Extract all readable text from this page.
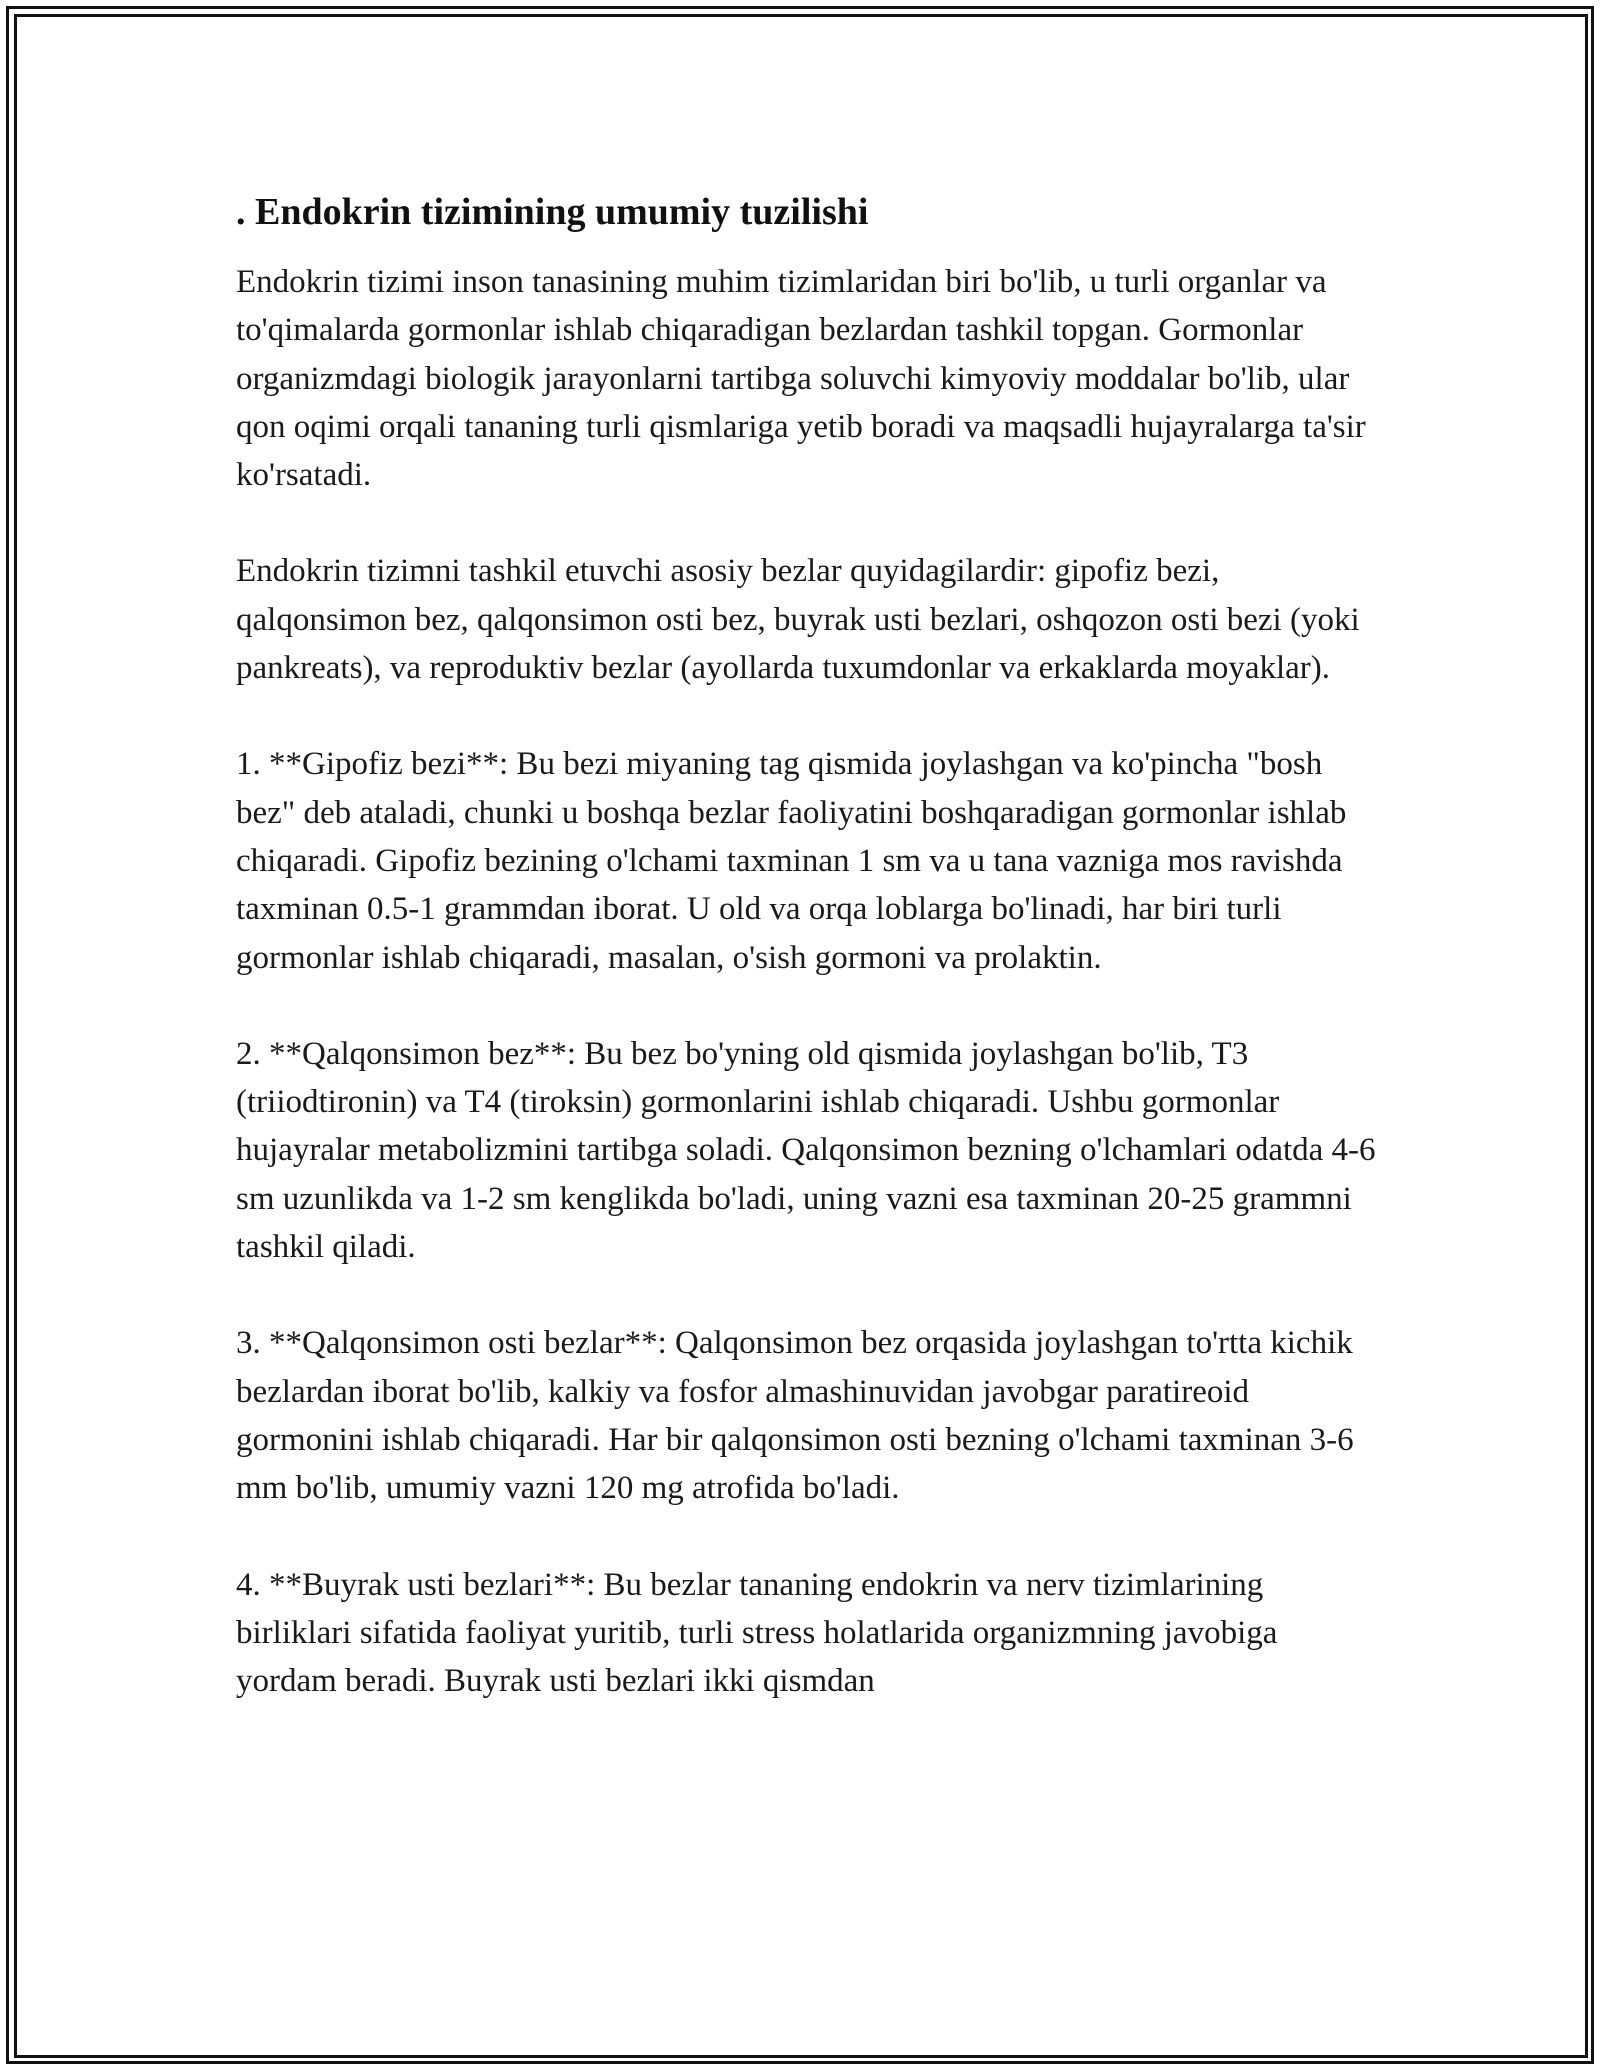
. Endokrin tizimining umumiy tuzilishi

Endokrin tizimi inson tanasining muhim tizimlaridan biri bo'lib, u turli organlar va to'qimalarda gormonlar ishlab chiqaradigan bezlardan tashkil topgan. Gormonlar organizmdagi biologik jarayonlarni tartibga soluvchi kimyoviy moddalar bo'lib, ular qon oqimi orqali tananing turli qismlariga yetib boradi va maqsadli hujayralarga ta'sir ko'rsatadi.

Endokrin tizimni tashkil etuvchi asosiy bezlar quyidagilardir: gipofiz bezi, qalqonsimon bez, qalqonsimon osti bez, buyrak usti bezlari, oshqozon osti bezi (yoki pankreats), va reproduktiv bezlar (ayollarda tuxumdonlar va erkaklarda moyaklar).

1. **Gipofiz bezi**: Bu bezi miyaning tag qismida joylashgan va ko'pincha "bosh bez" deb ataladi, chunki u boshqa bezlar faoliyatini boshqaradigan gormonlar ishlab chiqaradi. Gipofiz bezining o'lchami taxminan 1 sm va u tana vazniga mos ravishda taxminan 0.5-1 grammdan iborat. U old va orqa loblarga bo'linadi, har biri turli gormonlar ishlab chiqaradi, masalan, o'sish gormoni va prolaktin.

2. **Qalqonsimon bez**: Bu bez bo'yning old qismida joylashgan bo'lib, T3 (triiodtironin) va T4 (tiroksin) gormonlarini ishlab chiqaradi. Ushbu gormonlar hujayralar metabolizmini tartibga soladi. Qalqonsimon bezning o'lchamlari odatda 4-6 sm uzunlikda va 1-2 sm kenglikda bo'ladi, uning vazni esa taxminan 20-25 grammni tashkil qiladi.

3. **Qalqonsimon osti bezlar**: Qalqonsimon bez orqasida joylashgan to'rtta kichik bezlardan iborat bo'lib, kalkiy va fosfor almashinuvidan javobgar paratireoid gormonini ishlab chiqaradi. Har bir qalqonsimon osti bezning o'lchami taxminan 3-6 mm bo'lib, umumiy vazni 120 mg atrofida bo'ladi.

4. **Buyrak usti bezlari**: Bu bezlar tananing endokrin va nerv tizimlarining birliklari sifatida faoliyat yuritib, turli stress holatlarida organizmning javobiga yordam beradi. Buyrak usti bezlari ikki qismdan
